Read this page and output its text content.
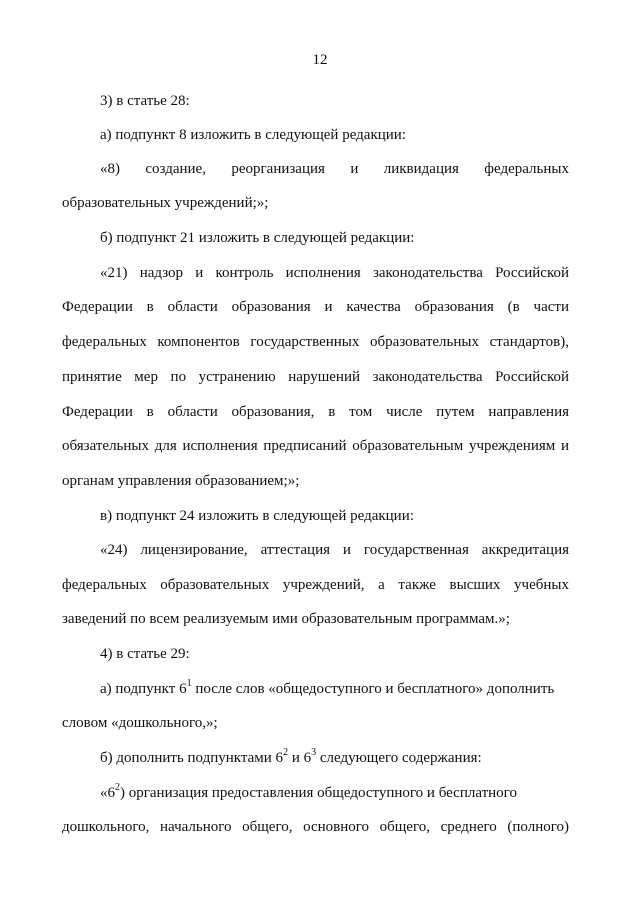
12
3) в статье 28:
а) подпункт 8 изложить в следующей редакции:
«8) создание, реорганизация и ликвидация федеральных
образовательных учреждений;»;
б) подпункт 21 изложить в следующей редакции:
«21) надзор и контроль исполнения законодательства Российской
Федерации в области образования и качества образования (в части
федеральных компонентов государственных образовательных стандартов),
принятие мер по устранению нарушений законодательства Российской
Федерации в области образования, в том числе путем направления
обязательных для исполнения предписаний образовательным учреждениям и
органам управления образованием;»;
в) подпункт 24 изложить в следующей редакции:
«24) лицензирование, аттестация и государственная аккредитация
федеральных образовательных учреждений, а также высших учебных
заведений по всем реализуемым ими образовательным программам.»;
4) в статье 29:
а) подпункт $6^1$ после слов «общедоступного и бесплатного» дополнить
словом «дошкольного,»;
б) дополнить подпунктами $6^2$ и $6^3$ следующего содержания:
«$6^2$) организация предоставления общедоступного и бесплатного
дошкольного, начального общего, основного общего, среднего (полного)
